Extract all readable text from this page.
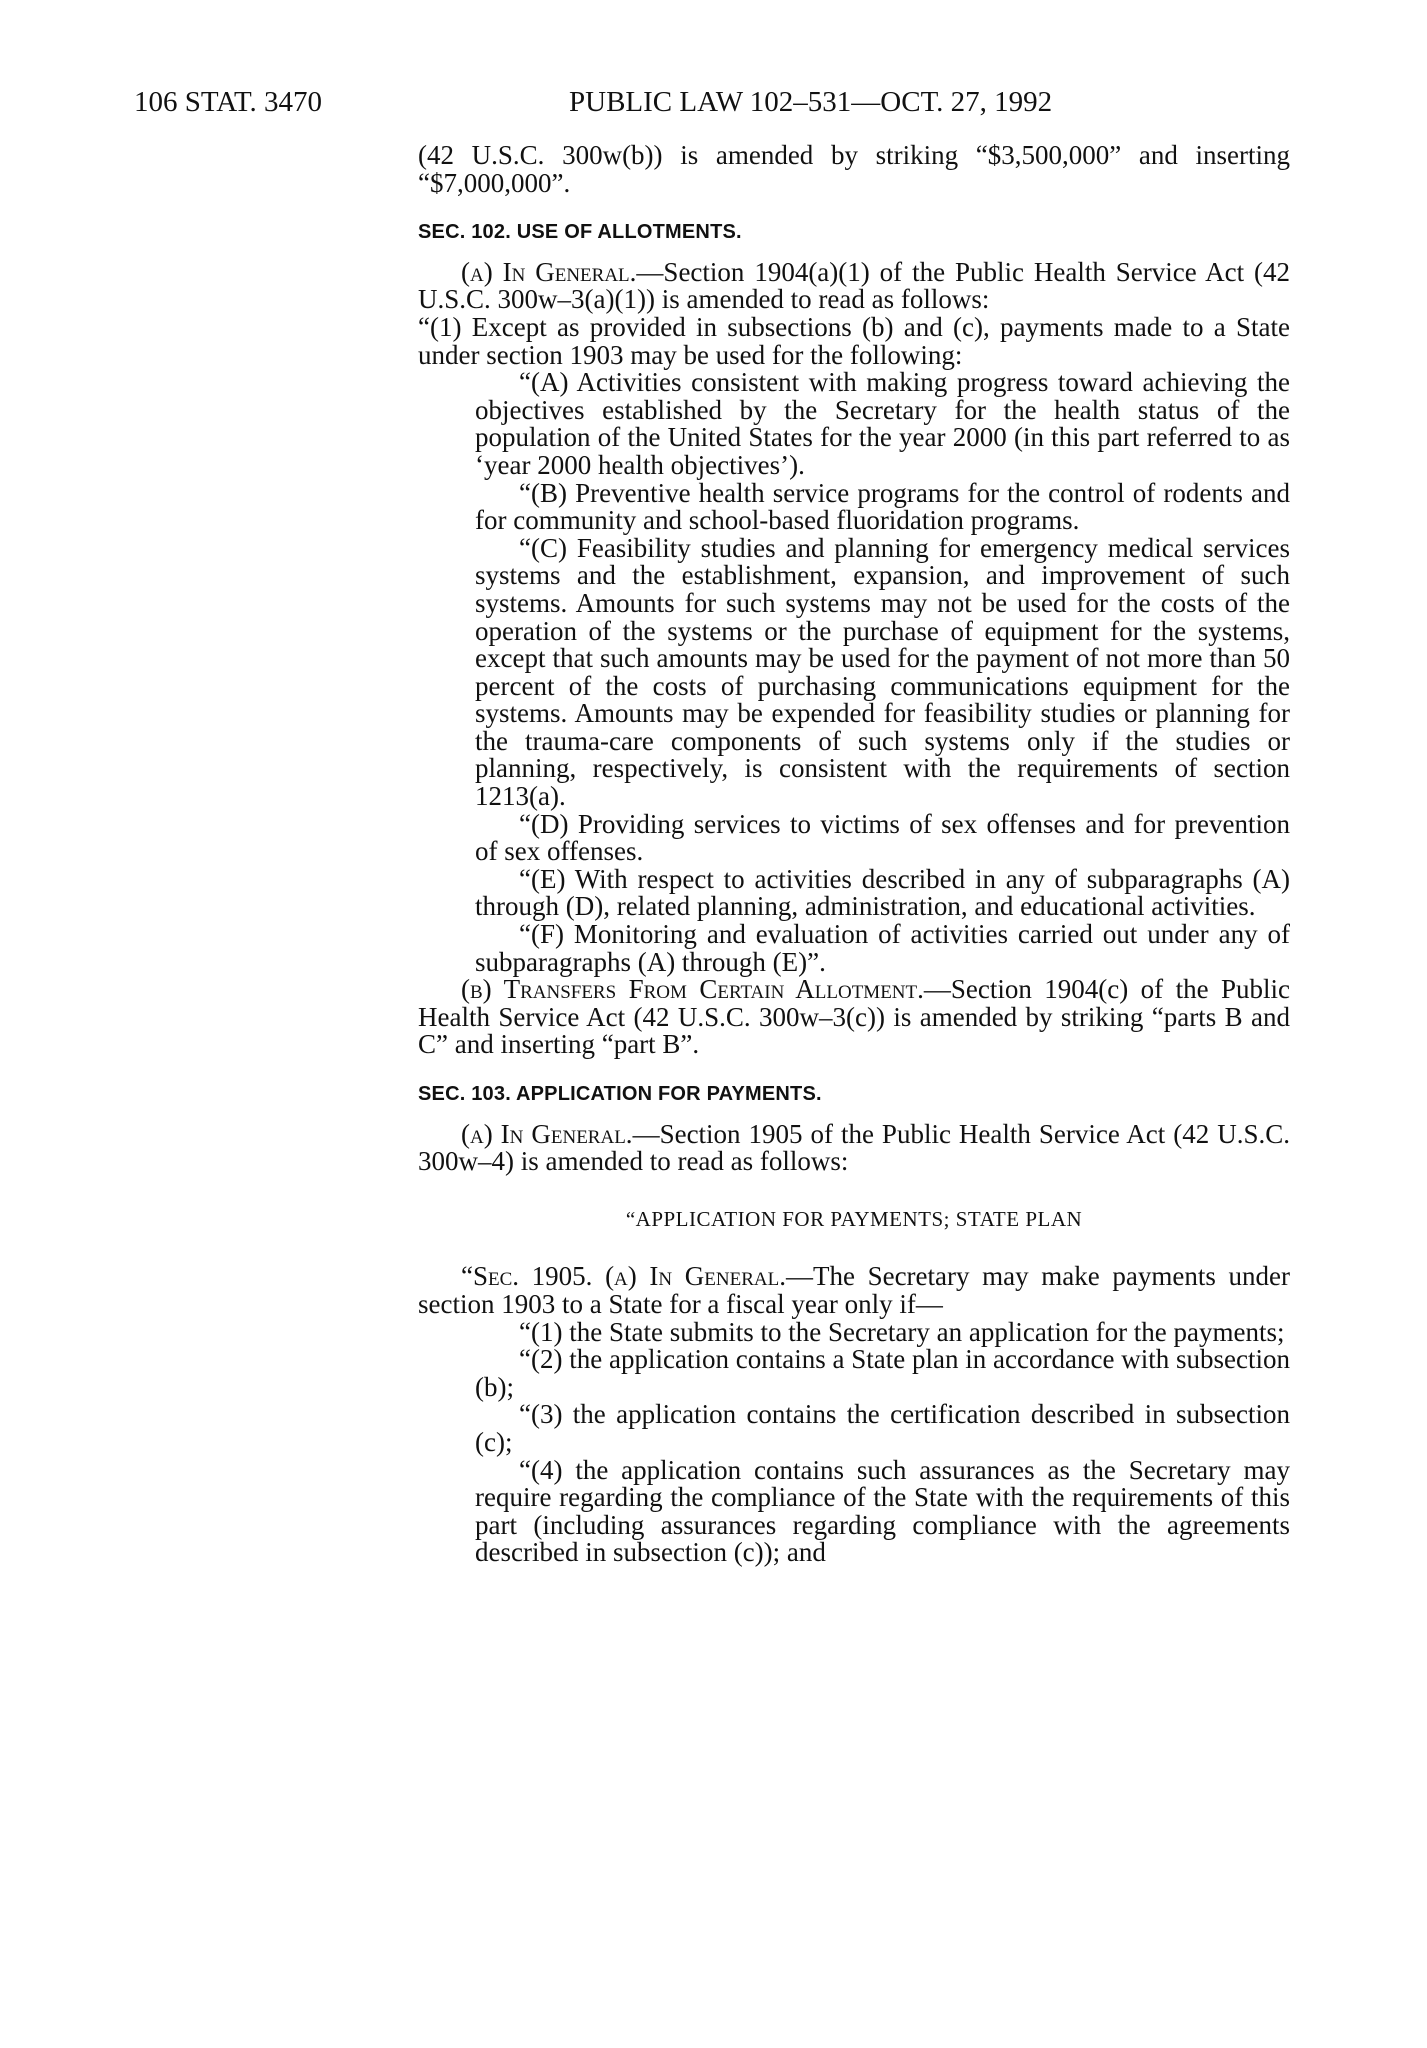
106 STAT. 3470	PUBLIC LAW 102–531—OCT. 27, 1992

(42 U.S.C. 300w(b)) is amended by striking “$3,500,000” and inserting “$7,000,000”.

SEC. 102. USE OF ALLOTMENTS.

(a) In General.—Section 1904(a)(1) of the Public Health Service Act (42 U.S.C. 300w–3(a)(1)) is amended to read as follows:

“(1) Except as provided in subsections (b) and (c), payments made to a State under section 1903 may be used for the following:

“(A) Activities consistent with making progress toward achieving the objectives established by the Secretary for the health status of the population of the United States for the year 2000 (in this part referred to as ‘year 2000 health objectives’).

“(B) Preventive health service programs for the control of rodents and for community and school-based fluoridation programs.

“(C) Feasibility studies and planning for emergency medical services systems and the establishment, expansion, and improvement of such systems. Amounts for such systems may not be used for the costs of the operation of the systems or the purchase of equipment for the systems, except that such amounts may be used for the payment of not more than 50 percent of the costs of purchasing communications equipment for the systems. Amounts may be expended for feasibility studies or planning for the trauma-care components of such systems only if the studies or planning, respectively, is consistent with the requirements of section 1213(a).

“(D) Providing services to victims of sex offenses and for prevention of sex offenses.

“(E) With respect to activities described in any of subparagraphs (A) through (D), related planning, administration, and educational activities.

“(F) Monitoring and evaluation of activities carried out under any of subparagraphs (A) through (E)”.

(b) Transfers From Certain Allotment.—Section 1904(c) of the Public Health Service Act (42 U.S.C. 300w–3(c)) is amended by striking “parts B and C” and inserting “part B”.

SEC. 103. APPLICATION FOR PAYMENTS.

(a) In General.—Section 1905 of the Public Health Service Act (42 U.S.C. 300w–4) is amended to read as follows:

“APPLICATION FOR PAYMENTS; STATE PLAN

“Sec. 1905. (a) In General.—The Secretary may make payments under section 1903 to a State for a fiscal year only if—

“(1) the State submits to the Secretary an application for the payments;

“(2) the application contains a State plan in accordance with subsection (b);

“(3) the application contains the certification described in subsection (c);

“(4) the application contains such assurances as the Secretary may require regarding the compliance of the State with the requirements of this part (including assurances regarding compliance with the agreements described in subsection (c)); and
